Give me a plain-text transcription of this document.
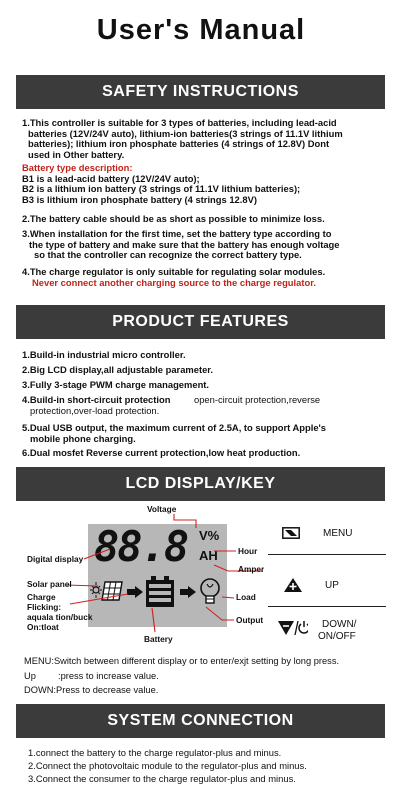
User's Manual
SAFETY INSTRUCTIONS
1.This controller is suitable for 3 types of batteries, including lead-acid
batteries (12V/24V auto), lithium-ion batteries(3 strings of 11.1V lithium
batteries); lithium iron phosphate batteries (4 strings of 12.8V) Dont
used in Other battery.
Battery type description:
B1 is a lead-acid battery (12V/24V auto);
B2 is a lithium ion battery (3 strings of 11.1V lithium batteries);
B3 is lithium iron phosphate battery (4 strings 12.8V)
2.The battery cable should be as short as possible to minimize loss.
3.When installation for the first time, set the battery type according to
the type of battery and make sure that the battery has enough voltage
so that the controller can recognize the correct battery type.
4.The charge regulator is only suitable for regulating solar modules.
Never connect another charging source to the charge regulator.
PRODUCT FEATURES
1.Build-in industrial micro controller.
2.Big LCD display,all adjustable parameter.
3.Fully 3-stage PWM charge management.
4.Build-in short-circuit protection	open-circuit protection,reverse
protection,over-load protection.
5.Dual USB output, the maximum current of 2.5A, to support Apple's
mobile phone charging.
6.Dual mosfet Reverse current protection,low heat production.
LCD DISPLAY/KEY
88.8 V%
AH
Voltage
Digital display
Hour
Amper
Solar panel
Charge
Flicking:
aquala tion/buck
On:tloat
Load
Output
Battery
MENU
UP
DOWN/
ON/OFF
MENU:Switch between different display or to enter/exjt setting by long press.
Up :press to increase value.
DOWN:Press to decrease value.
SYSTEM CONNECTION
1.connect the battery to the charge regulator-plus and minus.
2.Connect the photovoltaic module to the regulator-plus and minus.
3.Connect the consumer to the charge regulator-plus and minus.
